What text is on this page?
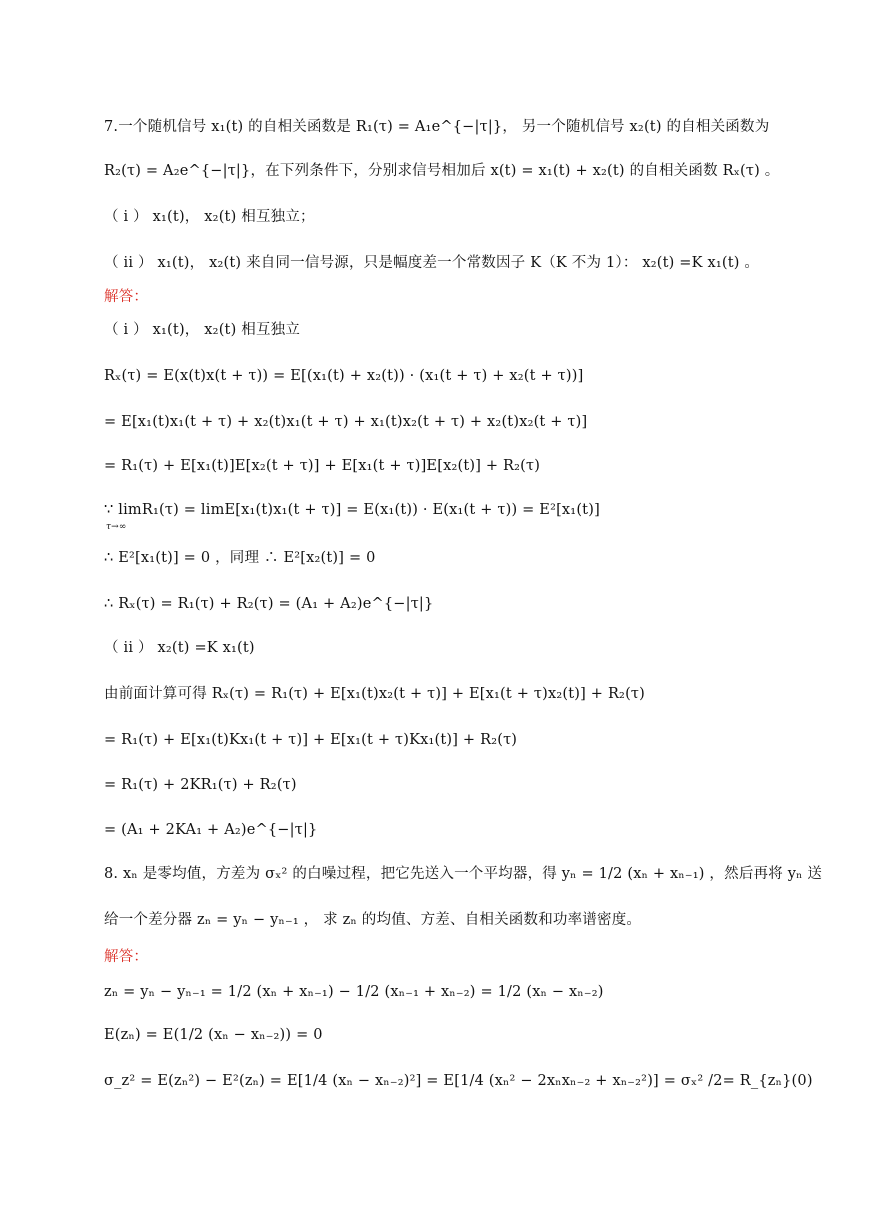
7.一个随机信号 x₁(t) 的自相关函数是 R₁(τ) = A₁e^{−|τ|}， 另一个随机信号 x₂(t) 的自相关函数为
R₂(τ) = A₂e^{−|τ|}，在下列条件下，分别求信号相加后 x(t) = x₁(t) + x₂(t) 的自相关函数 Rₓ(τ) 。
（ i ） x₁(t)， x₂(t) 相互独立；
（ ii ） x₁(t)， x₂(t) 来自同一信号源，只是幅度差一个常数因子 K（K 不为 1）： x₂(t) =K x₁(t) 。
解答：
（ i ） x₁(t)， x₂(t) 相互独立
Rₓ(τ) = E(x(t)x(t + τ)) = E[(x₁(t) + x₂(t)) · (x₁(t + τ) + x₂(t + τ))]
= E[x₁(t)x₁(t + τ) + x₂(t)x₁(t + τ) + x₁(t)x₂(t + τ) + x₂(t)x₂(t + τ)]
= R₁(τ) + E[x₁(t)]E[x₂(t + τ)] + E[x₁(t + τ)]E[x₂(t)] + R₂(τ)
∵ limR₁(τ) = limE[x₁(t)x₁(t + τ)] = E(x₁(t)) · E(x₁(t + τ)) = E²[x₁(t)]
τ→∞
∴ E²[x₁(t)] = 0 ，同理 ∴ E²[x₂(t)] = 0
∴ Rₓ(τ) = R₁(τ) + R₂(τ) = (A₁ + A₂)e^{−|τ|}
（ ii ） x₂(t) =K x₁(t)
由前面计算可得 Rₓ(τ) = R₁(τ) + E[x₁(t)x₂(t + τ)] + E[x₁(t + τ)x₂(t)] + R₂(τ)
= R₁(τ) + E[x₁(t)Kx₁(t + τ)] + E[x₁(t + τ)Kx₁(t)] + R₂(τ)
= R₁(τ) + 2KR₁(τ) + R₂(τ)
= (A₁ + 2KA₁ + A₂)e^{−|τ|}
8. xₙ 是零均值，方差为 σₓ² 的白噪过程，把它先送入一个平均器，得 yₙ = 1/2 (xₙ + xₙ₋₁) ，然后再将 yₙ 送
给一个差分器 zₙ = yₙ − yₙ₋₁ ， 求 zₙ 的均值、方差、自相关函数和功率谱密度。
解答：
zₙ = yₙ − yₙ₋₁ = 1/2 (xₙ + xₙ₋₁) − 1/2 (xₙ₋₁ + xₙ₋₂) = 1/2 (xₙ − xₙ₋₂)
E(zₙ) = E(1/2 (xₙ − xₙ₋₂)) = 0
σ_z² = E(zₙ²) − E²(zₙ) = E[1/4 (xₙ − xₙ₋₂)²] = E[1/4 (xₙ² − 2xₙxₙ₋₂ + xₙ₋₂²)] = σₓ² /2= R_{zₙ}(0)
